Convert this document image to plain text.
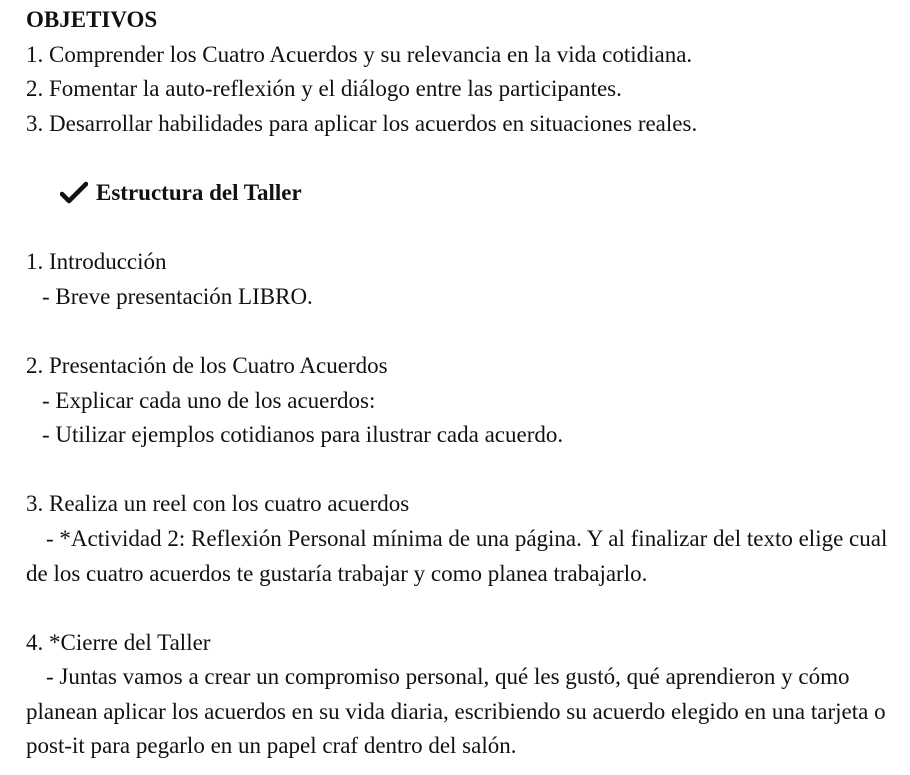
OBJETIVOS
1. Comprender los Cuatro Acuerdos y su relevancia en la vida cotidiana.
2. Fomentar la auto-reflexión y el diálogo entre las participantes.
3. Desarrollar habilidades para aplicar los acuerdos en situaciones reales.
Estructura del Taller
1. Introducción
- Breve presentación LIBRO.
2. Presentación de los Cuatro Acuerdos
- Explicar cada uno de los acuerdos:
- Utilizar ejemplos cotidianos para ilustrar cada acuerdo.
3. Realiza un reel con los cuatro acuerdos
- *Actividad 2: Reflexión Personal mínima de una página. Y al finalizar del texto elige cual de los cuatro acuerdos te gustaría trabajar y como planea trabajarlo.
4. *Cierre del Taller
- Juntas vamos a crear un compromiso personal, qué les gustó, qué aprendieron y cómo planean aplicar los acuerdos en su vida diaria, escribiendo su acuerdo elegido en una tarjeta o post-it para pegarlo en un papel craf dentro del salón.
